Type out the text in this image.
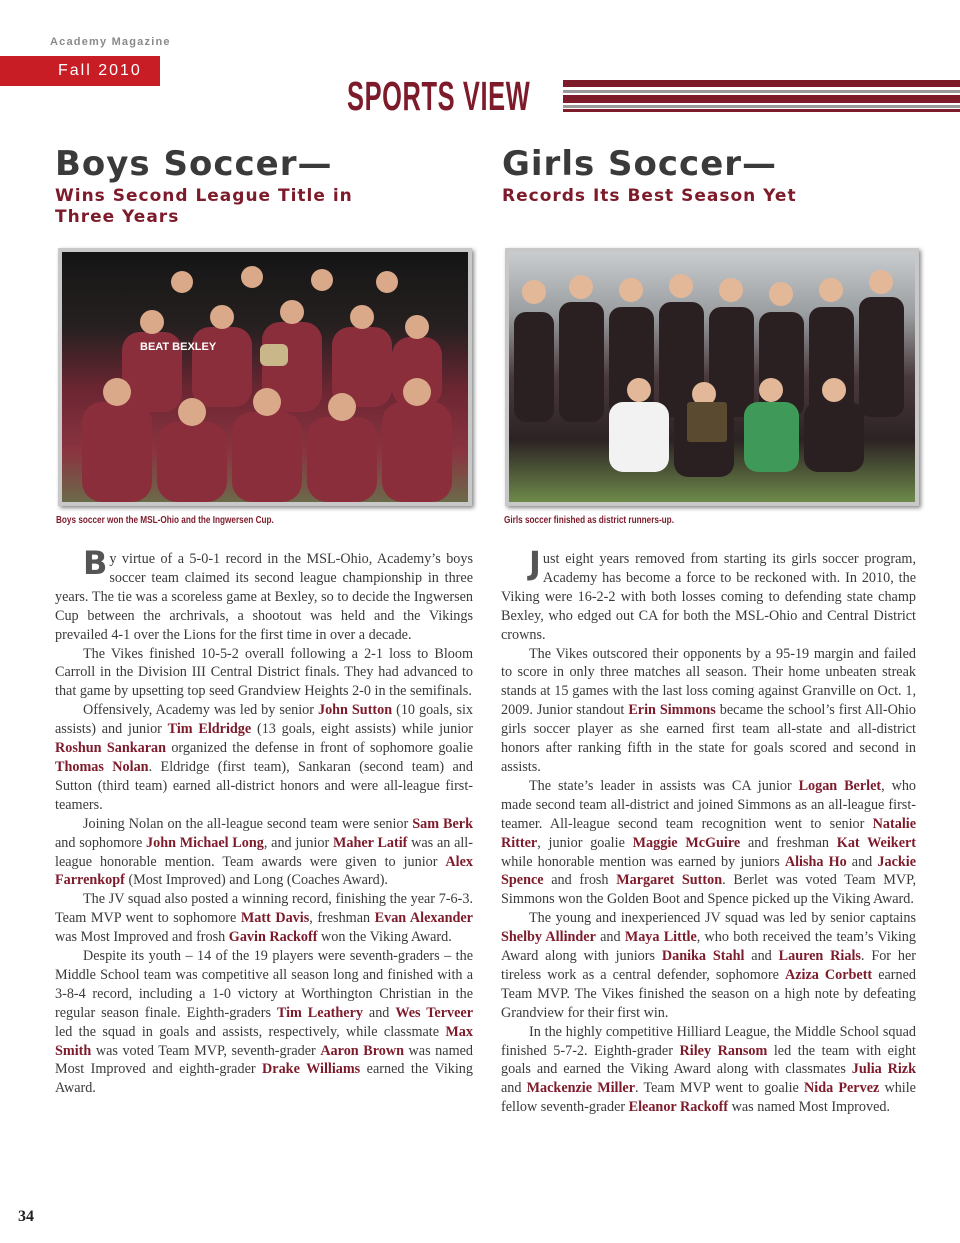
Academy Magazine
Fall 2010
SPORTS VIEW
Boys Soccer—
Wins Second League Title in Three Years
Girls Soccer—
Records Its Best Season Yet
BEAT BEXLEY
Boys soccer won the MSL-Ohio and the Ingwersen Cup.	Girls soccer finished as district runners-up.

By virtue of a 5-0-1 record in the MSL-Ohio, Academy’s boys soccer team claimed its second league championship in three years. The tie was a scoreless game at Bexley, so to decide the Ingwersen Cup between the archrivals, a shootout was held and the Vikings prevailed 4-1 over the Lions for the first time in over a decade.

The Vikes finished 10-5-2 overall following a 2-1 loss to Bloom Carroll in the Division III Central District finals. They had advanced to that game by upsetting top seed Grandview Heights 2-0 in the semifinals.

Offensively, Academy was led by senior John Sutton (10 goals, six assists) and junior Tim Eldridge (13 goals, eight assists) while junior Roshun Sankaran organized the defense in front of sophomore goalie Thomas Nolan. Eldridge (first team), Sankaran (second team) and Sutton (third team) earned all-district honors and were all-league first-teamers.

Joining Nolan on the all-league second team were senior Sam Berk and sophomore John Michael Long, and junior Maher Latif was an all-league honorable mention. Team awards were given to junior Alex Farrenkopf (Most Improved) and Long (Coaches Award).

The JV squad also posted a winning record, finishing the year 7-6-3. Team MVP went to sophomore Matt Davis, freshman Evan Alexander was Most Improved and frosh Gavin Rackoff won the Viking Award.

Despite its youth – 14 of the 19 players were seventh-graders – the Middle School team was competitive all season long and finished with a 3-8-4 record, including a 1-0 victory at Worthington Christian in the regular season finale. Eighth-graders Tim Leathery and Wes Terveer led the squad in goals and assists, respectively, while classmate Max Smith was voted Team MVP, seventh-grader Aaron Brown was named Most Improved and eighth-grader Drake Williams earned the Viking Award.

Just eight years removed from starting its girls soccer program, Academy has become a force to be reckoned with. In 2010, the Viking were 16-2-2 with both losses coming to defending state champ Bexley, who edged out CA for both the MSL-Ohio and Central District crowns.

The Vikes outscored their opponents by a 95-19 margin and failed to score in only three matches all season. Their home unbeaten streak stands at 15 games with the last loss coming against Granville on Oct. 1, 2009. Junior standout Erin Simmons became the school’s first All-Ohio girls soccer player as she earned first team all-state and all-district honors after ranking fifth in the state for goals scored and second in assists.

The state’s leader in assists was CA junior Logan Berlet, who made second team all-district and joined Simmons as an all-league first-teamer. All-league second team recognition went to senior Natalie Ritter, junior goalie Maggie McGuire and freshman Kat Weikert while honorable mention was earned by juniors Alisha Ho and Jackie Spence and frosh Margaret Sutton. Berlet was voted Team MVP, Simmons won the Golden Boot and Spence picked up the Viking Award.

The young and inexperienced JV squad was led by senior captains Shelby Allinder and Maya Little, who both received the team’s Viking Award along with juniors Danika Stahl and Lauren Rials. For her tireless work as a central defender, sophomore Aziza Corbett earned Team MVP. The Vikes finished the season on a high note by defeating Grandview for their first win.

In the highly competitive Hilliard League, the Middle School squad finished 5-7-2. Eighth-grader Riley Ransom led the team with eight goals and earned the Viking Award along with classmates Julia Rizk and Mackenzie Miller. Team MVP went to goalie Nida Pervez while fellow seventh-grader Eleanor Rackoff was named Most Improved.

34
